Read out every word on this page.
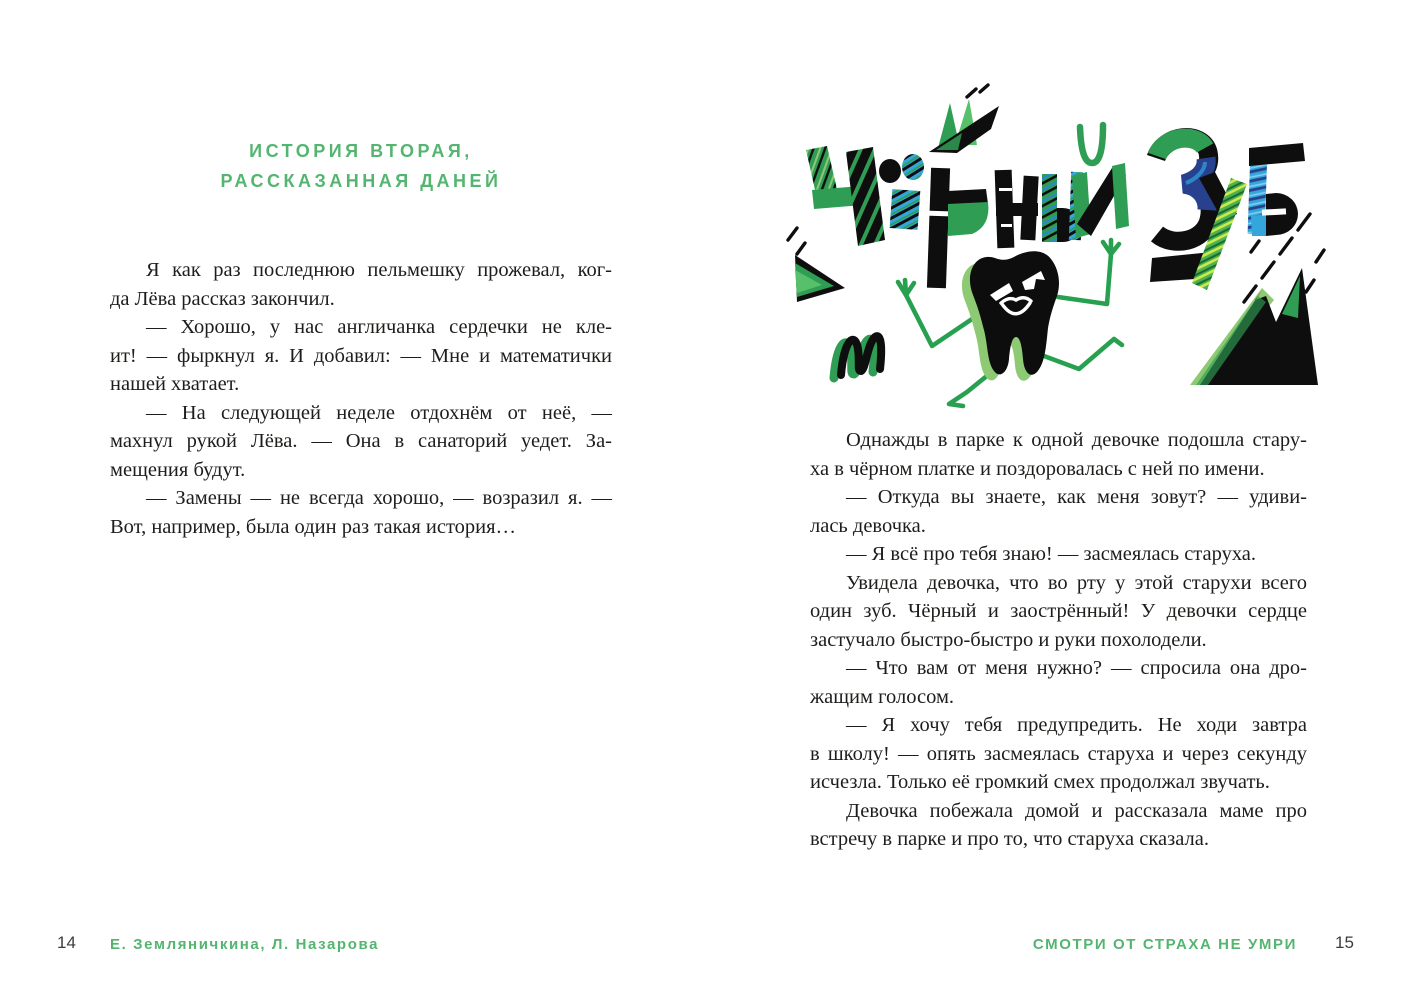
ИСТОРИЯ ВТОРАЯ,
РАССКАЗАННАЯ ДАНЕЙ
Я как раз последнюю пельмешку прожевал, ког-
да Лёва рассказ закончил.
— Хорошо, у нас англичанка сердечки не кле-
ит! — фыркнул я. И добавил: — Мне и математички
нашей хватает.
— На следующей неделе отдохнём от неё, —
махнул рукой Лёва. — Она в санаторий уедет. За-
мещения будут.
— Замены — не всегда хорошо, — возразил я. —
Вот, например, была один раз такая история…
14 Е. Земляничкина, Л. Назарова
Однажды в парке к одной девочке подошла стару-
ха в чёрном платке и поздоровалась с ней по имени.
— Откуда вы знаете, как меня зовут? — удиви-
лась девочка.
— Я всё про тебя знаю! — засмеялась старуха.
Увидела девочка, что во рту у этой старухи всего
один зуб. Чёрный и заострённый! У девочки сердце
застучало быстро-быстро и руки похолодели.
— Что вам от меня нужно? — спросила она дро-
жащим голосом.
— Я хочу тебя предупредить. Не ходи завтра
в школу! — опять засмеялась старуха и через секунду
исчезла. Только её громкий смех продолжал звучать.
Девочка побежала домой и рассказала маме про
встречу в парке и про то, что старуха сказала.
СМОТРИ ОТ СТРАХА НЕ УМРИ 15
